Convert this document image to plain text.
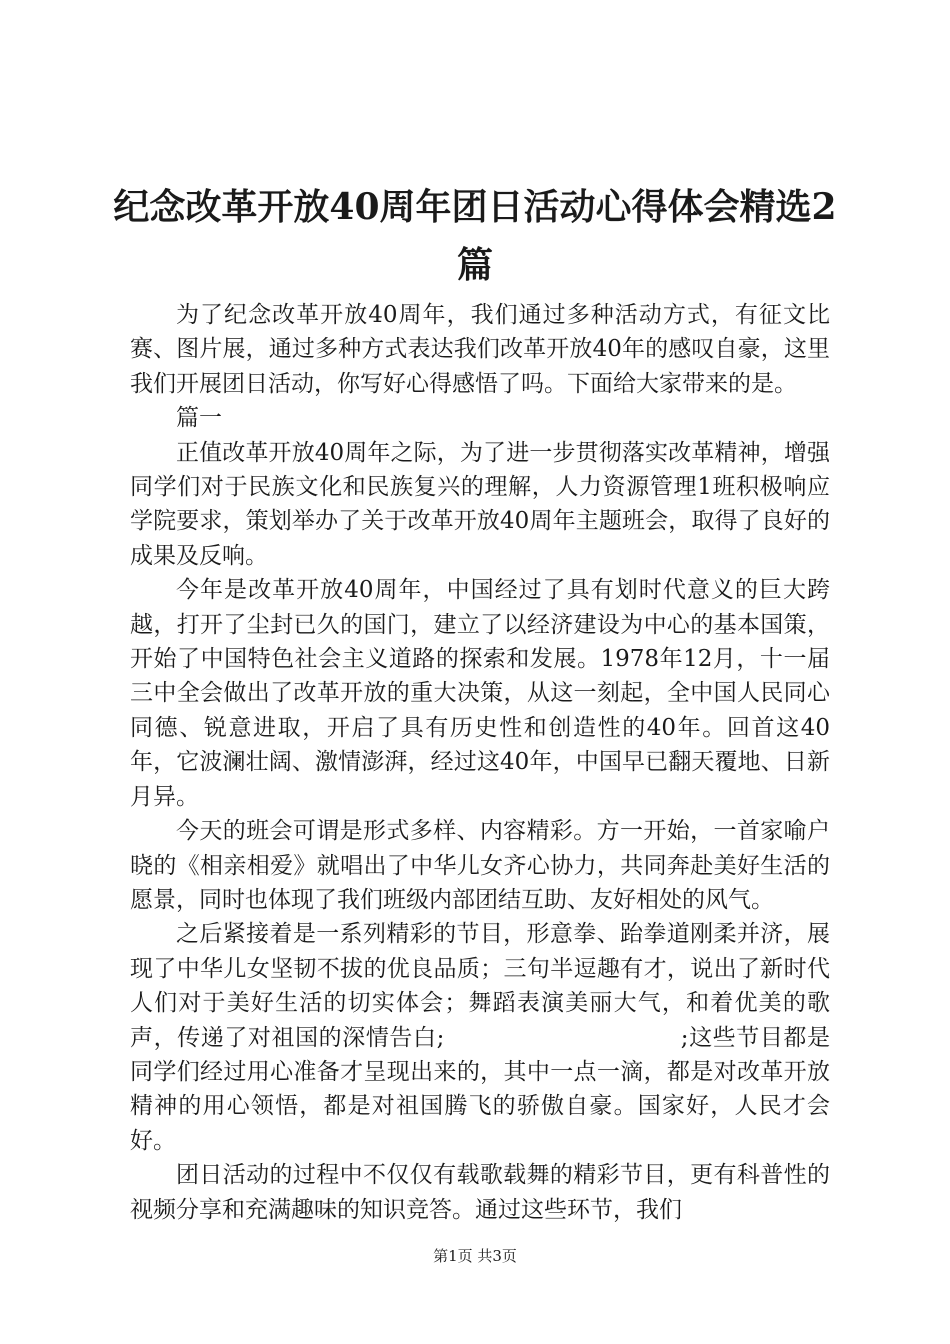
纪念改革开放40周年团日活动心得体会精选2篇

为了纪念改革开放40周年，我们通过多种活动方式，有征文比赛、图片展，通过多种方式表达我们改革开放40年的感叹自豪，这里我们开展团日活动，你写好心得感悟了吗。下面给大家带来的是。

篇一

正值改革开放40周年之际，为了进一步贯彻落实改革精神，增强同学们对于民族文化和民族复兴的理解，人力资源管理1班积极响应学院要求，策划举办了关于改革开放40周年主题班会，取得了良好的成果及反响。

今年是改革开放40周年，中国经过了具有划时代意义的巨大跨越，打开了尘封已久的国门，建立了以经济建设为中心的基本国策，开始了中国特色社会主义道路的探索和发展。1978年12月，十一届三中全会做出了改革开放的重大决策，从这一刻起，全中国人民同心同德、锐意进取，开启了具有历史性和创造性的40年。回首这40年，它波澜壮阔、激情澎湃，经过这40年，中国早已翻天覆地、日新月异。

今天的班会可谓是形式多样、内容精彩。方一开始，一首家喻户晓的《相亲相爱》就唱出了中华儿女齐心协力，共同奔赴美好生活的愿景，同时也体现了我们班级内部团结互助、友好相处的风气。

之后紧接着是一系列精彩的节目，形意拳、跆拳道刚柔并济，展现了中华儿女坚韧不拔的优良品质；三句半逗趣有才，说出了新时代人们对于美好生活的切实体会；舞蹈表演美丽大气，和着优美的歌声，传递了对祖国的深情告白;　　　　　　　　　　;这些节目都是同学们经过用心准备才呈现出来的，其中一点一滴，都是对改革开放精神的用心领悟，都是对祖国腾飞的骄傲自豪。国家好，人民才会好。

团日活动的过程中不仅仅有载歌载舞的精彩节目，更有科普性的视频分享和充满趣味的知识竞答。通过这些环节，我们

第1页 共3页
